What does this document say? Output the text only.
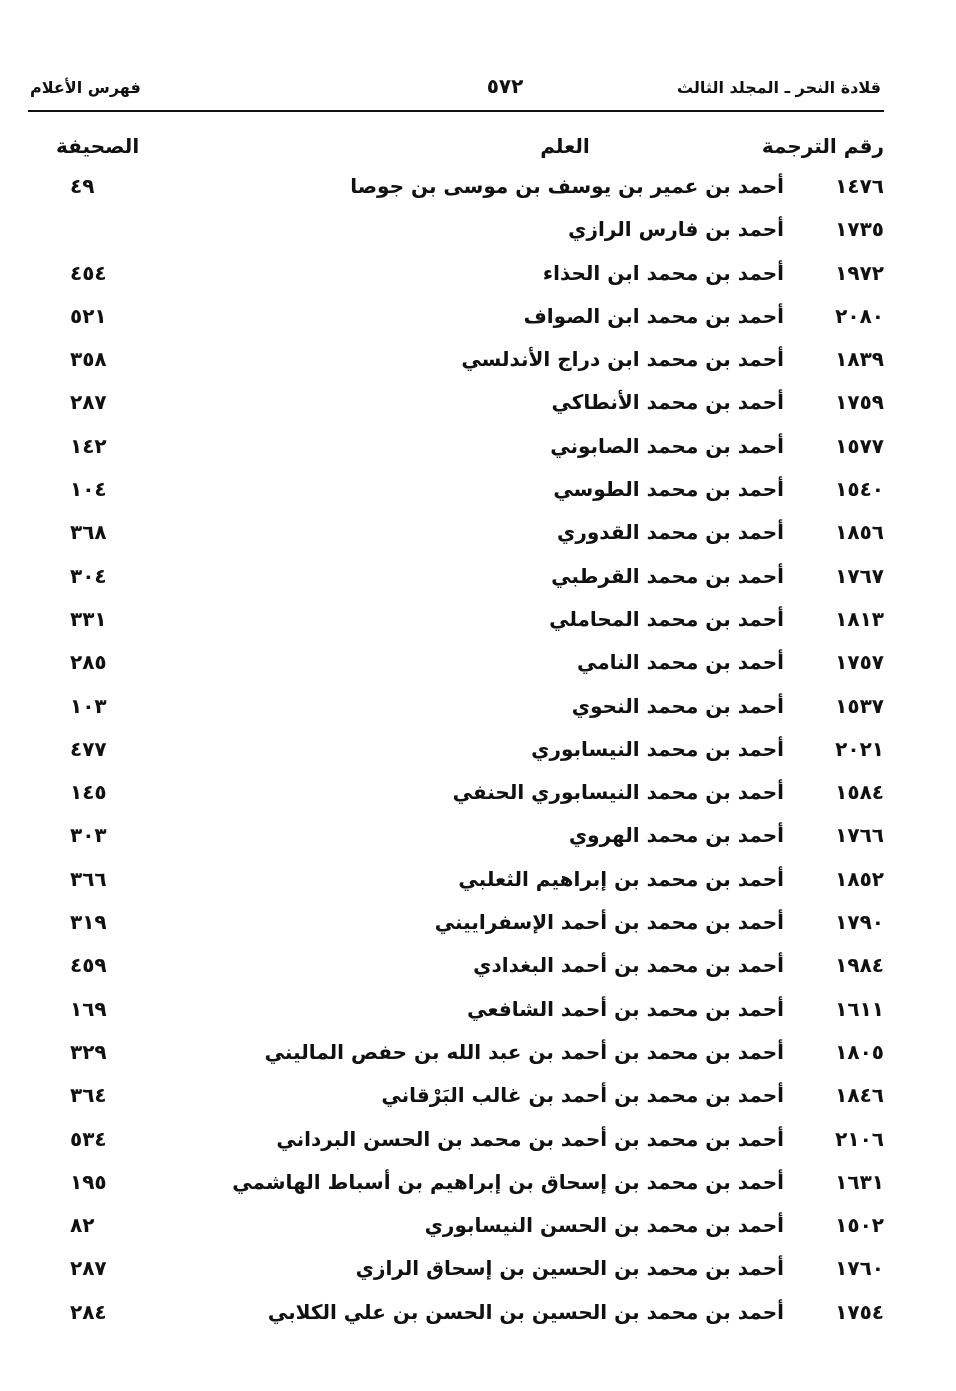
قلادة النحر ـ المجلد الثالث
٥٧٢
فهرس الأعلام
رقم الترجمة
العلم
الصحيفة
١٤٧٦
أحمد بن عمير بن يوسف بن موسى بن جوصا
٤٩
١٧٣٥
أحمد بن فارس الرازي
١٩٧٢
أحمد بن محمد ابن الحذاء
٤٥٤
٢٠٨٠
أحمد بن محمد ابن الصواف
٥٢١
١٨٣٩
أحمد بن محمد ابن دراج الأندلسي
٣٥٨
١٧٥٩
أحمد بن محمد الأنطاكي
٢٨٧
١٥٧٧
أحمد بن محمد الصابوني
١٤٢
١٥٤٠
أحمد بن محمد الطوسي
١٠٤
١٨٥٦
أحمد بن محمد القدوري
٣٦٨
١٧٦٧
أحمد بن محمد القرطبي
٣٠٤
١٨١٣
أحمد بن محمد المحاملي
٣٣١
١٧٥٧
أحمد بن محمد النامي
٢٨٥
١٥٣٧
أحمد بن محمد النحوي
١٠٣
٢٠٢١
أحمد بن محمد النيسابوري
٤٧٧
١٥٨٤
أحمد بن محمد النيسابوري الحنفي
١٤٥
١٧٦٦
أحمد بن محمد الهروي
٣٠٣
١٨٥٢
أحمد بن محمد بن إبراهيم الثعلبي
٣٦٦
١٧٩٠
أحمد بن محمد بن أحمد الإسفراييني
٣١٩
١٩٨٤
أحمد بن محمد بن أحمد البغدادي
٤٥٩
١٦١١
أحمد بن محمد بن أحمد الشافعي
١٦٩
١٨٠٥
أحمد بن محمد بن أحمد بن عبد الله بن حفص الماليني
٣٢٩
١٨٤٦
أحمد بن محمد بن أحمد بن غالب البَرْقاني
٣٦٤
٢١٠٦
أحمد بن محمد بن أحمد بن محمد بن الحسن البرداني
٥٣٤
١٦٣١
أحمد بن محمد بن إسحاق بن إبراهيم بن أسباط الهاشمي
١٩٥
١٥٠٢
أحمد بن محمد بن الحسن النيسابوري
٨٢
١٧٦٠
أحمد بن محمد بن الحسين بن إسحاق الرازي
٢٨٧
١٧٥٤
أحمد بن محمد بن الحسين بن الحسن بن علي الكلابي
٢٨٤
